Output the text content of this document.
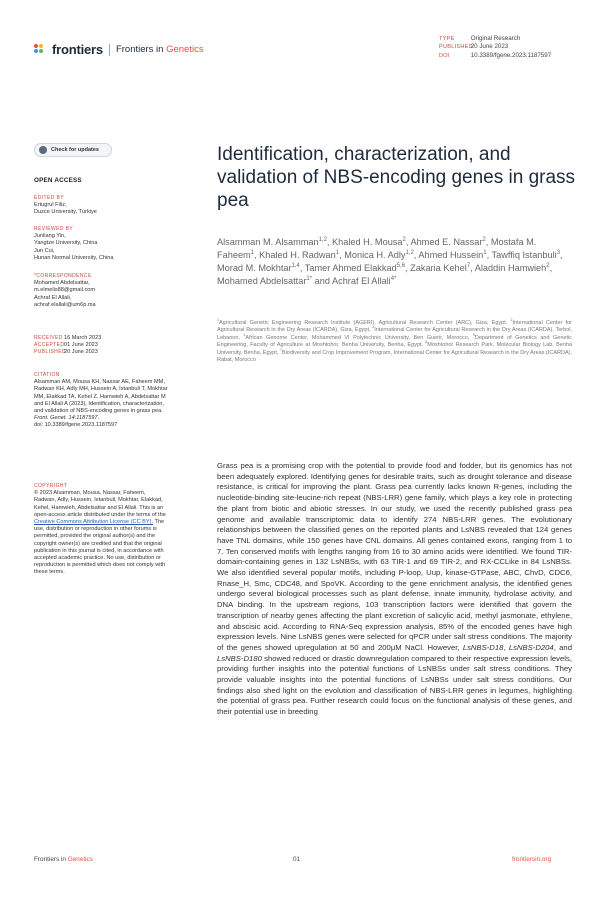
frontiers Frontiers in Genetics
TYPE	Original Research
PUBLISHED 20 June 2023
DOI	10.3389/fgene.2023.1187597
Check for updates
OPEN ACCESS
EDITED BY
Ertugrul Filiz,
Duzce University, Türkiye
REVIEWED BY
Junliang Yin,
Yangtze University, China
Jun Cui,
Hunan Normal University, China
*CORRESPONDENCE
Mohamed Abdelsattar,
m.elmelis88@gmail.com
Achraf El Allali,
achraf.elallali@um6p.ma
RECEIVED16 March 2023
ACCEPTED01 June 2023
PUBLISHED20 June 2023
CITATION
Alsamman AM, Mousa KH, Nassar AE, Faheem MM, Radwan KH, Adly MH, Hussein A, Istanbuli T, Mokhtar MM, Elakkad TA, Kehel Z, Hamwieh A, Abdelsattar M and El Allali A (2023), Identification, characterization, and validation of NBS-encoding genes in grass pea.
Front. Genet. 14:1187597.
doi: 10.3389/fgene.2023.1187597
COPYRIGHT
© 2023 Alsamman, Mousa, Nassar, Faheem, Radwan, Adly, Hussein, Istanbuli, Mokhtar, Elakkad, Kehel, Hamwieh, Abdelsattar and El Allali. This is an open-access article distributed under the terms of the Creative Commons Attribution License (CC BY). The use, distribution or reproduction in other forums is permitted, provided the original author(s) and the copyright owner(s) are credited and that the original publication in this journal is cited, in accordance with accepted academic practice. No use, distribution or reproduction is permitted which does not comply with these terms.
Identification, characterization, and validation of NBS-encoding genes in grass pea
Alsamman M. Alsamman$^{1,2}$, Khaled H. Mousa$^2$, Ahmed E. Nassar$^2$, Mostafa M. Faheem$^1$, Khaled H. Radwan$^1$, Monica H. Adly$^{1,2}$, Ahmed Hussein$^1$, Tawffiq Istanbuli$^3$, Morad M. Mokhtar$^{1,4}$, Tamer Ahmed Elakkad$^{5,6}$, Zakaria Kehel$^7$, Aladdin Hamwieh$^2$, Mohamed Abdelsattar$^{1*}$ and Achraf El Allali$^{4*}$
$^1$Agricultural Genetic Engineering Research Institute (AGERI), Agricultural Research Center (ARC), Giza, Egypt, $^2$International Center for Agricultural Research in the Dry Areas (ICARDA), Giza, Egypt, $^3$International Center for Agricultural Research in the Dry Areas (ICARDA), Terbol, Lebanon, $^4$African Genome Center, Mohammed VI Polytechnic University, Ben Guerir, Morocco, $^5$Department of Genetics and Genetic Engineering, Faculty of Agriculture at Moshtohor, Benha University, Benha, Egypt, $^6$Moshtohor Research Park, Molecular Biology Lab, Benha University, Benha, Egypt, $^7$Biodiversity and Crop Improvement Program, International Center for Agricultural Research in the Dry Areas (ICARDA), Rabat, Morocco
Grass pea is a promising crop with the potential to provide food and fodder, but its genomics has not been adequately explored. Identifying genes for desirable traits, such as drought tolerance and disease resistance, is critical for improving the plant. Grass pea currently lacks known R-genes, including the nucleotide-binding site-leucine-rich repeat (NBS-LRR) gene family, which plays a key role in protecting the plant from biotic and abiotic stresses. In our study, we used the recently published grass pea genome and available transcriptomic data to identify 274 NBS-LRR genes. The evolutionary relationships between the classified genes on the reported plants and LsNBS revealed that 124 genes have TNL domains, while 150 genes have CNL domains. All genes contained exons, ranging from 1 to 7. Ten conserved motifs with lengths ranging from 16 to 30 amino acids were identified. We found TIR-domain-containing genes in 132 LsNBSs, with 63 TIR-1 and 69 TIR-2, and RX-CCLike in 84 LsNBSs. We also identified several popular motifs, including P-loop, Uup, kinase-GTPase, ABC, ChvD, CDC6, Rnase_H, Smc, CDC48, and SpoVK. According to the gene enrichment analysis, the identified genes undergo several biological processes such as plant defense, innate immunity, hydrolase activity, and DNA binding. In the upstream regions, 103 transcription factors were identified that govern the transcription of nearby genes affecting the plant excretion of salicylic acid, methyl jasmonate, ethylene, and abscisic acid. According to RNA-Seq expression analysis, 85% of the encoded genes have high expression levels. Nine LsNBS genes were selected for qPCR under salt stress conditions. The majority of the genes showed upregulation at 50 and 200μM NaCl. However, LsNBS-D18, LsNBS-D204, and LsNBS-D180 showed reduced or drastic downregulation compared to their respective expression levels, providing further insights into the potential functions of LsNBSs under salt stress conditions. They provide valuable insights into the potential functions of LsNBSs under salt stress conditions. Our findings also shed light on the evolution and classification of NBS-LRR genes in legumes, highlighting the potential of grass pea. Further research could focus on the functional analysis of these genes, and their potential use in breeding
Frontiers in Genetics	01	frontiersin.org
